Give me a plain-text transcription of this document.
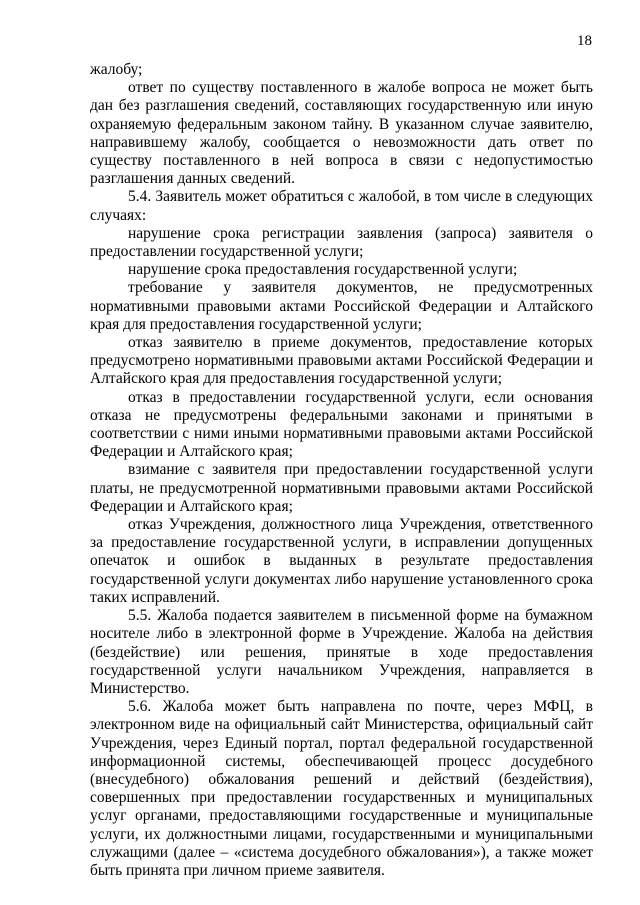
18

жалобу;

ответ по существу поставленного в жалобе вопроса не может быть дан без разглашения сведений, составляющих государственную или иную охраняемую федеральным законом тайну. В указанном случае заявителю, направившему жалобу, сообщается о невозможности дать ответ по существу поставленного в ней вопроса в связи с недопустимостью разглашения данных сведений.

5.4. Заявитель может обратиться с жалобой, в том числе в следующих случаях:

нарушение срока регистрации заявления (запроса) заявителя о предоставлении государственной услуги;

нарушение срока предоставления государственной услуги;

требование у заявителя документов, не предусмотренных нормативными правовыми актами Российской Федерации и Алтайского края для предоставления государственной услуги;

отказ заявителю в приеме документов, предоставление которых предусмотрено нормативными правовыми актами Российской Федерации и Алтайского края для предоставления государственной услуги;

отказ в предоставлении государственной услуги, если основания отказа не предусмотрены федеральными законами и принятыми в соответствии с ними иными нормативными правовыми актами Российской Федерации и Алтайского края;

взимание с заявителя при предоставлении государственной услуги платы, не предусмотренной нормативными правовыми актами Российской Федерации и Алтайского края;

отказ Учреждения, должностного лица Учреждения, ответственного за предоставление государственной услуги, в исправлении допущенных опечаток и ошибок в выданных в результате предоставления государственной услуги документах либо нарушение установленного срока таких исправлений.

5.5. Жалоба подается заявителем в письменной форме на бумажном носителе либо в электронной форме в Учреждение. Жалоба на действия (бездействие) или решения, принятые в ходе предоставления государственной услуги начальником Учреждения, направляется в Министерство.

5.6. Жалоба может быть направлена по почте, через МФЦ, в электронном виде на официальный сайт Министерства, официальный сайт Учреждения, через Единый портал, портал федеральной государственной информационной системы, обеспечивающей процесс досудебного (внесудебного) обжалования решений и действий (бездействия), совершенных при предоставлении государственных и муниципальных услуг органами, предоставляющими государственные и муниципальные услуги, их должностными лицами, государственными и муниципальными служащими (далее – «система досудебного обжалования»), а также может быть принята при личном приеме заявителя.
